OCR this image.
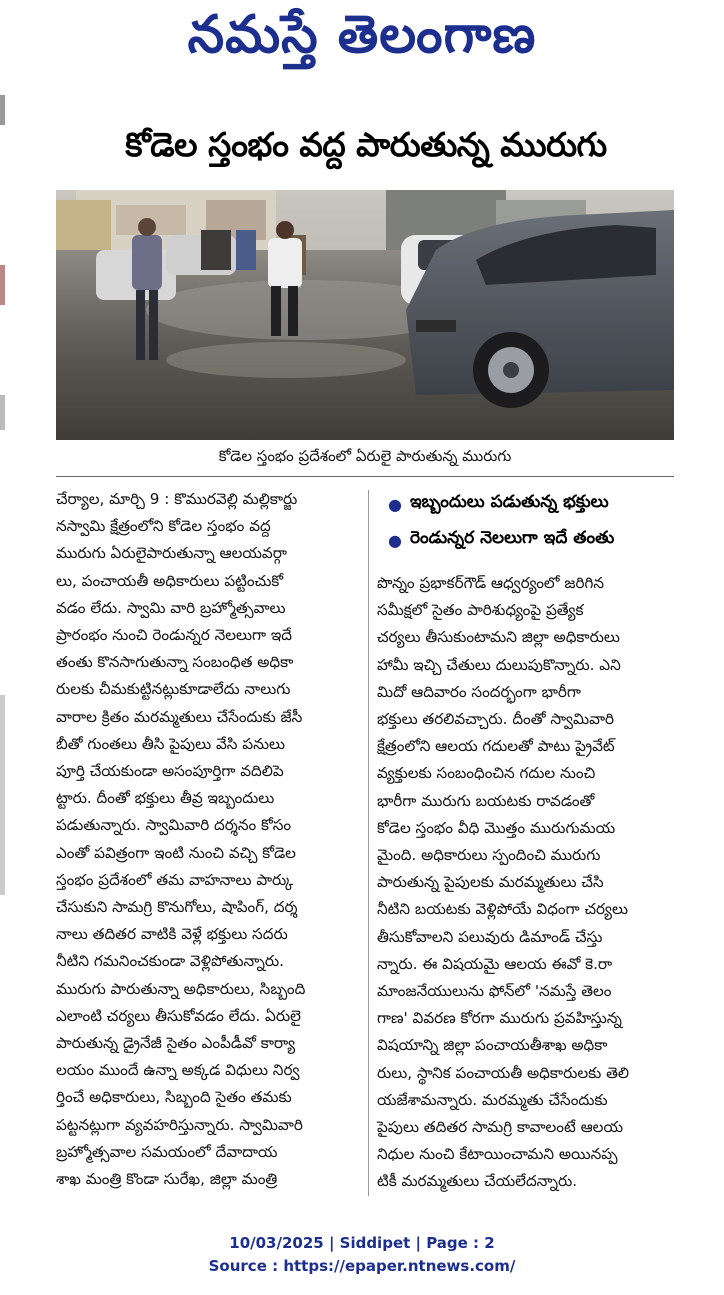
నమస్తే తెలంగాణ
కోడెల స్తంభం వద్ద పారుతున్న మురుగు
కోడెల స్తంభం ప్రదేశంలో ఏరులై పారుతున్న మురుగు
● ఇబ్బందులు పడుతున్న భక్తులు
● రెండున్నర నెలలుగా ఇదే తంతు

చేర్యాల, మార్చి 9 : కొమురవెల్లి మల్లికార్జు

నస్వామి క్షేత్రంలోని కోడెల స్తంభం వద్ద

మురుగు ఏరులైపారుతున్నా ఆలయవర్గా

లు, పంచాయతీ అధికారులు పట్టించుకో

వడం లేదు. స్వామి వారి బ్రహ్మోత్సవాలు

ప్రారంభం నుంచి రెండున్నర నెలలుగా ఇదే

తంతు కొనసాగుతున్నా సంబంధిత అధికా

రులకు చీమకుట్టినట్లుకూడాలేదు నాలుగు

వారాల క్రితం మరమ్మతులు చేసేందుకు జేసీ

బీతో గుంతలు తీసి పైపులు వేసి పనులు

పూర్తి చేయకుండా అసంపూర్తిగా వదిలిపె

ట్టారు. దీంతో భక్తులు తీవ్ర ఇబ్బందులు

పడుతున్నారు. స్వామివారి దర్శనం కోసం

ఎంతో పవిత్రంగా ఇంటి నుంచి వచ్చి కోడెల

స్తంభం ప్రదేశంలో తమ వాహనాలు పార్కు

చేసుకుని సామగ్రి కొనుగోలు, షాపింగ్, దర్శ

నాలు తదితర వాటికి వెళ్లే భక్తులు సదరు

నీటిని గమనించకుండా వెళ్లిపోతున్నారు.

మురుగు పారుతున్నా అధికారులు, సిబ్బంది

ఎలాంటి చర్యలు తీసుకోవడం లేదు. ఏరులై

పారుతున్న డ్రైనేజీ సైతం ఎంపీడీవో కార్యా

లయం ముందే ఉన్నా అక్కడ విధులు నిర్వ

ర్తించే అధికారులు, సిబ్బంది సైతం తమకు

పట్టనట్లుగా వ్యవహరిస్తున్నారు. స్వామివారి

బ్రహ్మోత్సవాల సమయంలో దేవాదాయ

శాఖ మంత్రి కొండా సురేఖ, జిల్లా మంత్రి

పొన్నం ప్రభాకర్‌గౌడ్ ఆధ్వర్యంలో జరిగిన

సమీక్షలో సైతం పారిశుధ్యంపై ప్రత్యేక

చర్యలు తీసుకుంటామని జిల్లా అధికారులు

హామీ ఇచ్చి చేతులు దులుపుకొన్నారు. ఎని

మిదో ఆదివారం సందర్భంగా భారీగా

భక్తులు తరలివచ్చారు. దీంతో స్వామివారి

క్షేత్రంలోని ఆలయ గదులతో పాటు ప్రైవేట్

వ్యక్తులకు సంబంధించిన గదుల నుంచి

భారీగా మురుగు బయటకు రావడంతో

కోడెల స్తంభం వీధి మొత్తం మురుగుమయ

మైంది. అధికారులు స్పందించి మురుగు

పారుతున్న పైపులకు మరమ్మతులు చేసి

నీటిని బయటకు వెళ్లిపోయే విధంగా చర్యలు

తీసుకోవాలని పలువురు డిమాండ్ చేస్తు

న్నారు. ఈ విషయమై ఆలయ ఈవో కె.రా

మాంజనేయులును ఫోన్‌లో 'నమస్తే తెలం

గాణ' వివరణ కోరగా మురుగు ప్రవహిస్తున్న

విషయాన్ని జిల్లా పంచాయతీశాఖ అధికా

రులు, స్థానిక పంచాయతీ అధికారులకు తెలి

యజేశామన్నారు. మరమ్మతు చేసేందుకు

పైపులు తదితర సామగ్రి కావాలంటే ఆలయ

నిధుల నుంచి కేటాయించామని అయినప్ప

టికీ మరమ్మతులు చేయలేదన్నారు.

10/03/2025 | Siddipet | Page : 2
Source : https://epaper.ntnews.com/
